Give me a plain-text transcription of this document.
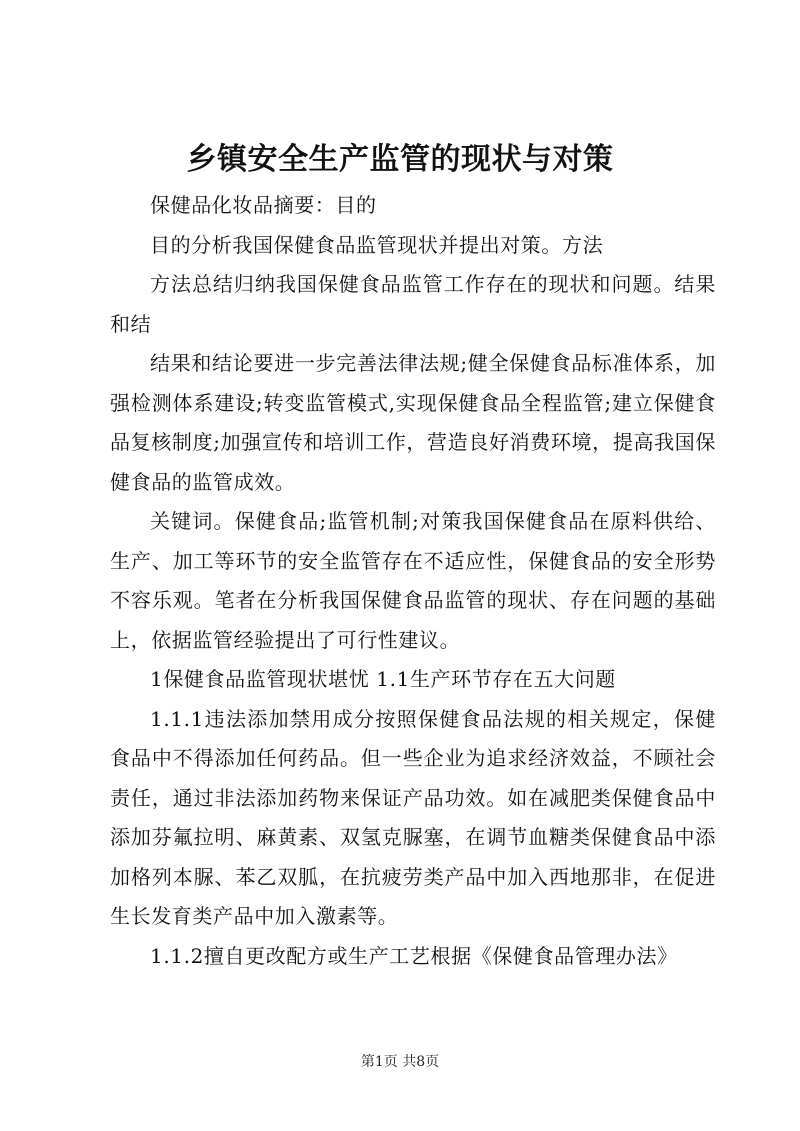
乡镇安全生产监管的现状与对策

保健品化妆品摘要：目的

目的分析我国保健食品监管现状并提出对策。方法

方法总结归纳我国保健食品监管工作存在的现状和问题。结果和结

结果和结论要进一步完善法律法规;健全保健食品标准体系，加强检测体系建设;转变监管模式,实现保健食品全程监管;建立保健食品复核制度;加强宣传和培训工作，营造良好消费环境，提高我国保健食品的监管成效。

关键词。保健食品;监管机制;对策我国保健食品在原料供给、生产、加工等环节的安全监管存在不适应性，保健食品的安全形势不容乐观。笔者在分析我国保健食品监管的现状、存在问题的基础上，依据监管经验提出了可行性建议。

1保健食品监管现状堪忧 1.1生产环节存在五大问题

1.1.1违法添加禁用成分按照保健食品法规的相关规定，保健食品中不得添加任何药品。但一些企业为追求经济效益，不顾社会责任，通过非法添加药物来保证产品功效。如在减肥类保健食品中添加芬氟拉明、麻黄素、双氢克脲塞，在调节血糖类保健食品中添加格列本脲、苯乙双胍，在抗疲劳类产品中加入西地那非，在促进生长发育类产品中加入激素等。

1.1.2擅自更改配方或生产工艺根据《保健食品管理办法》

第1页 共8页
